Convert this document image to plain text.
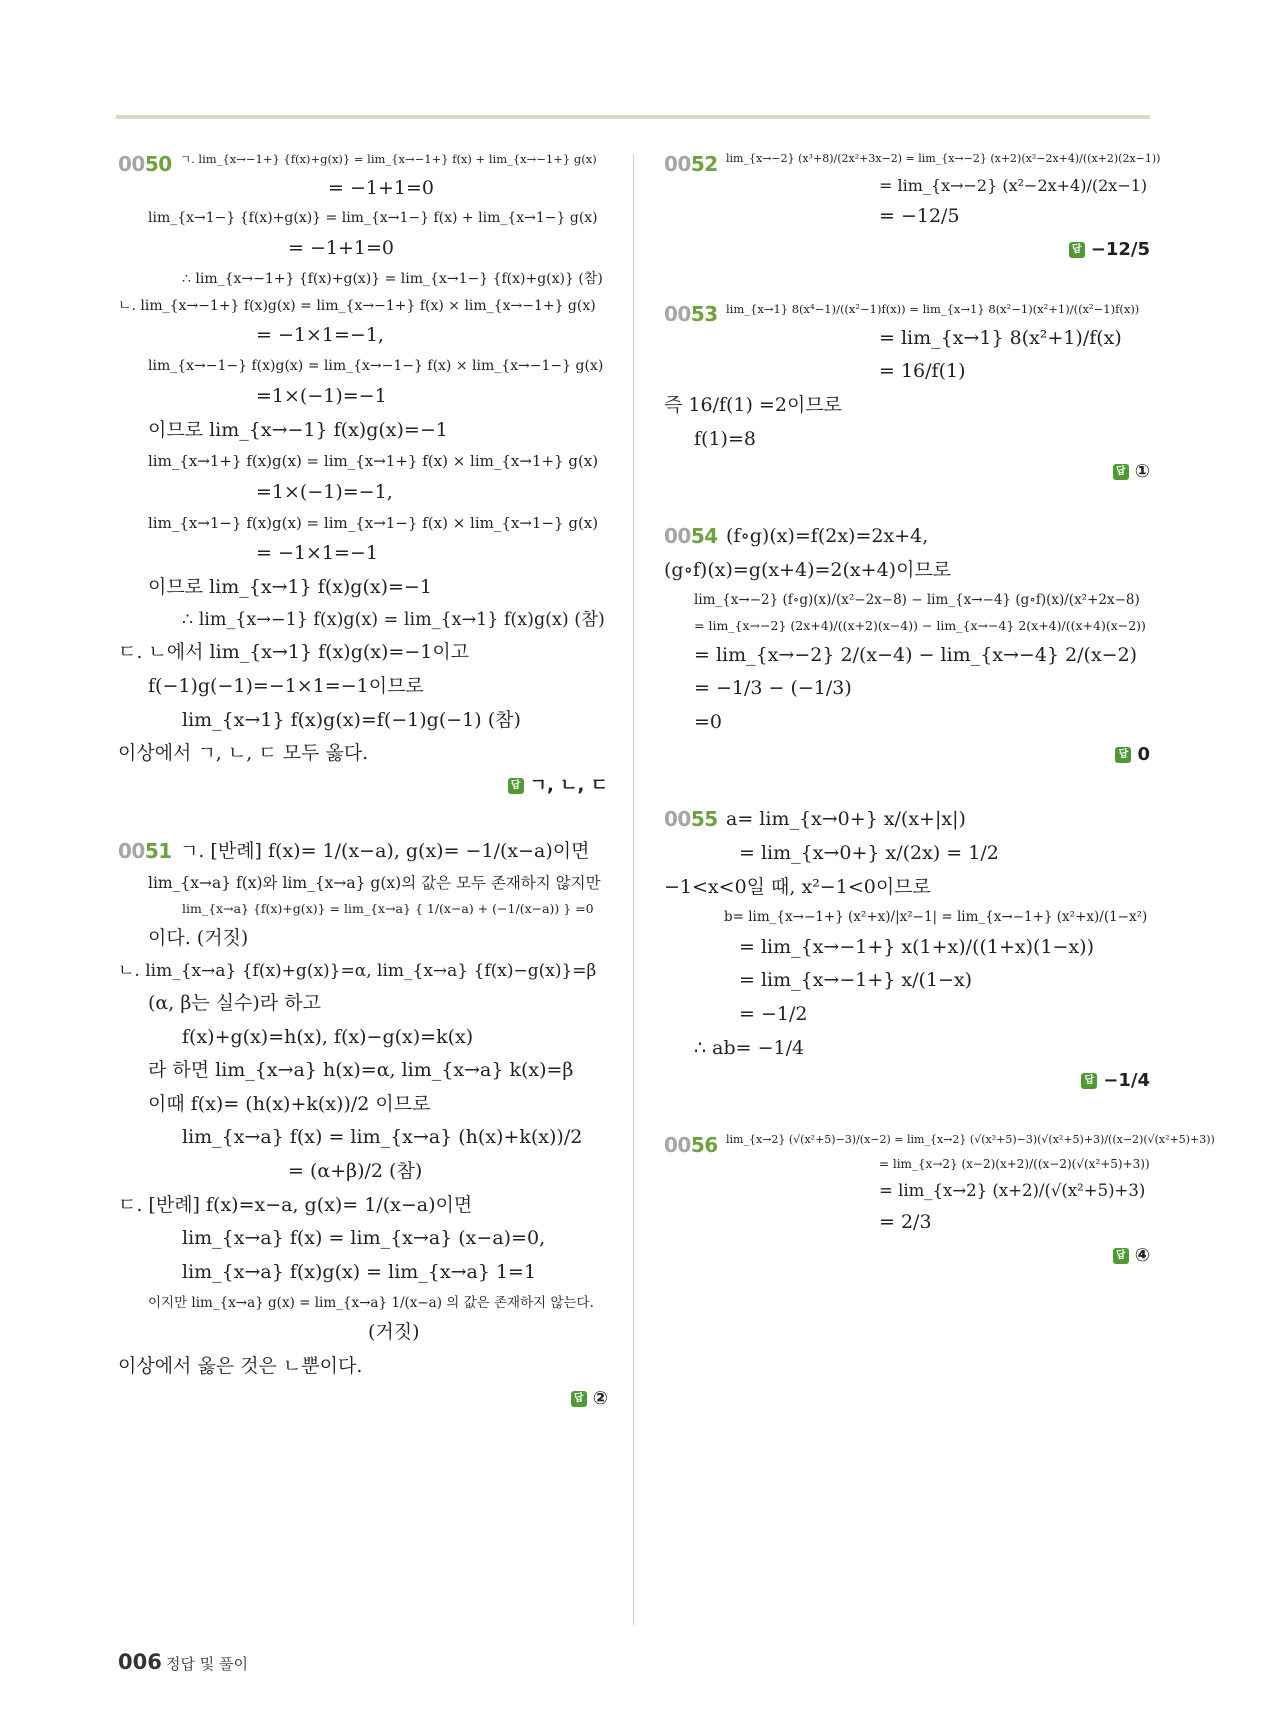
0050 ㄱ. lim_{x→−1+} {f(x)+g(x)} = lim_{x→−1+} f(x) + lim_{x→−1+} g(x)
= −1+1=0
lim_{x→1−} {f(x)+g(x)} = lim_{x→1−} f(x) + lim_{x→1−} g(x)
= −1+1=0
∴ lim_{x→−1+} {f(x)+g(x)} = lim_{x→1−} {f(x)+g(x)} (참)
ㄴ. lim_{x→−1+} f(x)g(x) = lim_{x→−1+} f(x) × lim_{x→−1+} g(x)
= −1×1=−1,
lim_{x→−1−} f(x)g(x) = lim_{x→−1−} f(x) × lim_{x→−1−} g(x)
=1×(−1)=−1
이므로 lim_{x→−1} f(x)g(x)=−1
lim_{x→1+} f(x)g(x) = lim_{x→1+} f(x) × lim_{x→1+} g(x)
=1×(−1)=−1,
lim_{x→1−} f(x)g(x) = lim_{x→1−} f(x) × lim_{x→1−} g(x)
= −1×1=−1
이므로 lim_{x→1} f(x)g(x)=−1
∴ lim_{x→−1} f(x)g(x) = lim_{x→1} f(x)g(x) (참)
ㄷ. ㄴ에서 lim_{x→1} f(x)g(x)=−1이고
f(−1)g(−1)=−1×1=−1이므로
lim_{x→1} f(x)g(x)=f(−1)g(−1) (참)
이상에서 ㄱ, ㄴ, ㄷ 모두 옳다.
답 ㄱ, ㄴ, ㄷ
0051 ㄱ. [반례] f(x)= 1/(x−a), g(x)= −1/(x−a)이면
lim_{x→a} f(x)와 lim_{x→a} g(x)의 값은 모두 존재하지 않지만
lim_{x→a} {f(x)+g(x)} = lim_{x→a} { 1/(x−a) + (−1/(x−a)) } =0
이다. (거짓)
ㄴ. lim_{x→a} {f(x)+g(x)}=α, lim_{x→a} {f(x)−g(x)}=β
(α, β는 실수)라 하고
f(x)+g(x)=h(x), f(x)−g(x)=k(x)
라 하면 lim_{x→a} h(x)=α, lim_{x→a} k(x)=β
이때 f(x)= (h(x)+k(x))/2 이므로
lim_{x→a} f(x) = lim_{x→a} (h(x)+k(x))/2
= (α+β)/2 (참)
ㄷ. [반례] f(x)=x−a, g(x)= 1/(x−a)이면
lim_{x→a} f(x) = lim_{x→a} (x−a)=0,
lim_{x→a} f(x)g(x) = lim_{x→a} 1=1
이지만 lim_{x→a} g(x) = lim_{x→a} 1/(x−a) 의 값은 존재하지 않는다.
(거짓)
이상에서 옳은 것은 ㄴ뿐이다.
답 ②
0052 lim_{x→−2} (x³+8)/(2x²+3x−2) = lim_{x→−2} (x+2)(x²−2x+4)/((x+2)(2x−1))
= lim_{x→−2} (x²−2x+4)/(2x−1)
= −12/5
답 −12/5
0053 lim_{x→1} 8(x⁴−1)/((x²−1)f(x)) = lim_{x→1} 8(x²−1)(x²+1)/((x²−1)f(x))
= lim_{x→1} 8(x²+1)/f(x)
= 16/f(1)
즉 16/f(1) =2이므로
f(1)=8
답 ①
0054 (f∘g)(x)=f(2x)=2x+4,
(g∘f)(x)=g(x+4)=2(x+4)이므로
lim_{x→−2} (f∘g)(x)/(x²−2x−8) − lim_{x→−4} (g∘f)(x)/(x²+2x−8)
= lim_{x→−2} (2x+4)/((x+2)(x−4)) − lim_{x→−4} 2(x+4)/((x+4)(x−2))
= lim_{x→−2} 2/(x−4) − lim_{x→−4} 2/(x−2)
= −1/3 − (−1/3)
=0
답 0
0055 a= lim_{x→0+} x/(x+|x|)
= lim_{x→0+} x/(2x) = 1/2
−1<x<0일 때, x²−1<0이므로
b= lim_{x→−1+} (x²+x)/|x²−1| = lim_{x→−1+} (x²+x)/(1−x²)
= lim_{x→−1+} x(1+x)/((1+x)(1−x))
= lim_{x→−1+} x/(1−x)
= −1/2
∴ ab= −1/4
답 −1/4
0056 lim_{x→2} (√(x²+5)−3)/(x−2) = lim_{x→2} (√(x²+5)−3)(√(x²+5)+3)/((x−2)(√(x²+5)+3))
= lim_{x→2} (x−2)(x+2)/((x−2)(√(x²+5)+3))
= lim_{x→2} (x+2)/(√(x²+5)+3)
= 2/3
답 ④
006 정답 및 풀이
